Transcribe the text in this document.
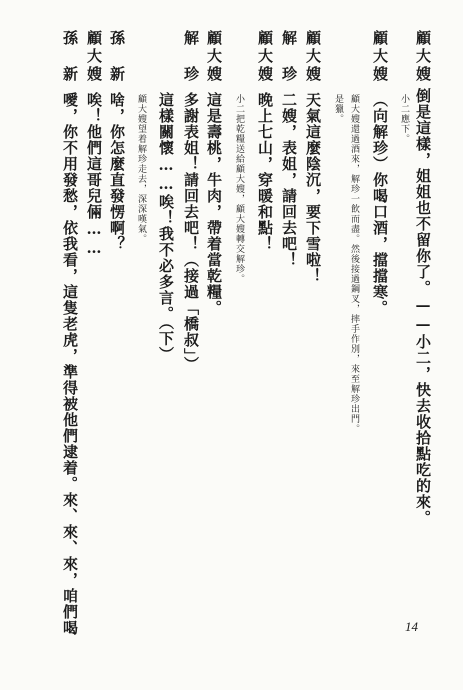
顧大嫂
倒是這樣，姐姐也不留你了。——小二，快去收拾點吃的來。
小二應下。
顧大嫂
（向解珍）你喝口酒，擋擋寒。
顧大嫂還過酒來，解珍一飲而盡。然後接過鋼叉，摔手作別，來至解珍出門。
是獵。
顧大嫂
天氣這麼陰沉，要下雪啦！
解　珍
二嫂，表姐，請回去吧！
顧大嫂
晚上七山，穿暖和點！
小二把乾糧送給顧大嫂，顧大嫂轉交解珍。
顧大嫂
這是壽桃，牛肉，帶着當乾糧。
解　珍
多謝表姐！請回去吧！（接過「橋叔」）
這樣關懷……唉！我不必多言。（下）
顧大嫂望着解珍走去，深深嘆氣。
孫　新
啥，你怎麼直發愣啊？
顧大嫂
唉！他們這哥兒倆……
孫　新
噯，你不用發愁，依我看，這隻老虎，準得被他們逮着。來、來、來，咱們喝	14
